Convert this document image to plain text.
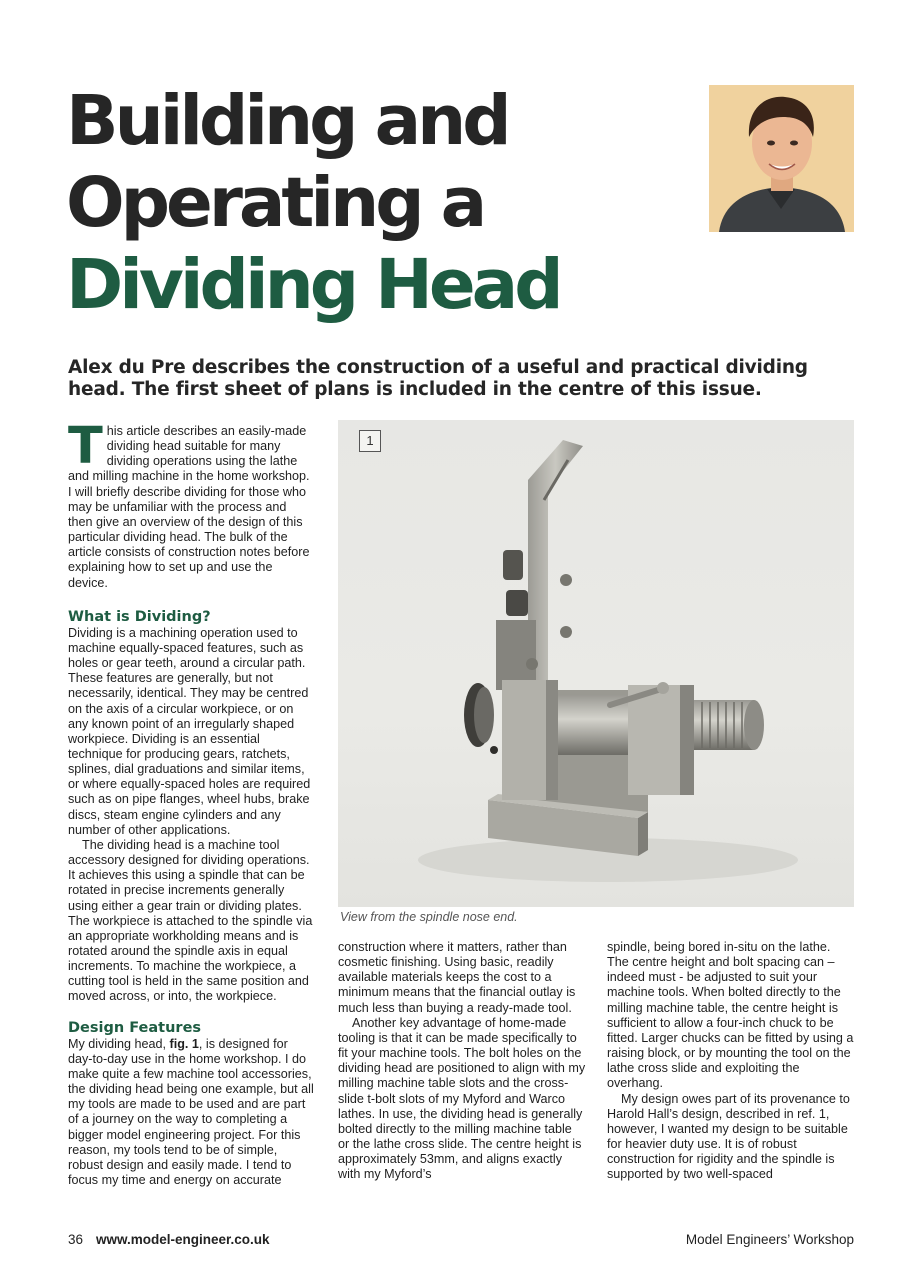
Building and
Operating a
Dividing Head

Alex du Pre describes the construction of a useful and practical dividing head. The first sheet of plans is included in the centre of this issue.

This article describes an easily-made dividing head suitable for many dividing operations using the lathe and milling machine in the home workshop. I will briefly describe dividing for those who may be unfamiliar with the process and then give an overview of the design of this particular dividing head. The bulk of the article consists of construction notes before explaining how to set up and use the device.

What is Dividing?

Dividing is a machining operation used to machine equally-spaced features, such as holes or gear teeth, around a circular path. These features are generally, but not necessarily, identical. They may be centred on the axis of a circular workpiece, or on any known point of an irregularly shaped workpiece. Dividing is an essential technique for producing gears, ratchets, splines, dial graduations and similar items, or where equally-spaced holes are required such as on pipe flanges, wheel hubs, brake discs, steam engine cylinders and any number of other applications.

The dividing head is a machine tool accessory designed for dividing operations. It achieves this using a spindle that can be rotated in precise increments generally using either a gear train or dividing plates. The workpiece is attached to the spindle via an appropriate workholding means and is rotated around the spindle axis in equal increments. To machine the workpiece, a cutting tool is held in the same position and moved across, or into, the workpiece.

Design Features

My dividing head, fig. 1, is designed for day-to-day use in the home workshop. I do make quite a few machine tool accessories, the dividing head being one example, but all my tools are made to be used and are part of a journey on the way to completing a bigger model engineering project. For this reason, my tools tend to be of simple, robust design and easily made. I tend to focus my time and energy on accurate

1

View from the spindle nose end.

construction where it matters, rather than cosmetic finishing. Using basic, readily available materials keeps the cost to a minimum means that the financial outlay is much less than buying a ready-made tool.

Another key advantage of home-made tooling is that it can be made specifically to fit your machine tools. The bolt holes on the dividing head are positioned to align with my milling machine table slots and the cross-slide t-bolt slots of my Myford and Warco lathes. In use, the dividing head is generally bolted directly to the milling machine table or the lathe cross slide. The centre height is approximately 53mm, and aligns exactly with my Myford’s

spindle, being bored in-situ on the lathe. The centre height and bolt spacing can – indeed must - be adjusted to suit your machine tools. When bolted directly to the milling machine table, the centre height is sufficient to allow a four-inch chuck to be fitted. Larger chucks can be fitted by using a raising block, or by mounting the tool on the lathe cross slide and exploiting the overhang.

My design owes part of its provenance to Harold Hall’s design, described in ref. 1, however, I wanted my design to be suitable for heavier duty use. It is of robust construction for rigidity and the spindle is supported by two well-spaced

36 www.model-engineer.co.uk	Model Engineers’ Workshop
